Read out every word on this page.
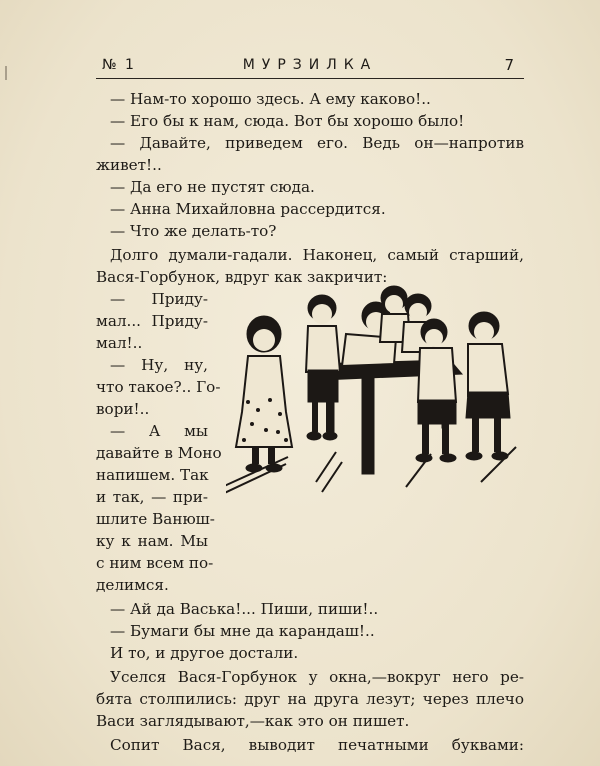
№ 1	МУРЗИЛКА	7
— Нам-то хорошо здесь. А ему каково!..
— Его бы к нам, сюда. Вот бы хорошо было!
— Давайте, приведем его. Ведь он—напротив
живет!..
— Да его не пустят сюда.
— Анна Михайловна рассердится.
— Что же делать-то?
Долго думали-гадали. Наконец, самый старший,
Вася-Горбунок, вдруг как закричит:
— Приду-
мал... Приду-
мал!..
— Ну, ну,
что такое?.. Го-
вори!..
— А мы
давайте в Моно
напишем. Так
и так, — при-
шлите Ванюш-
ку к нам. Мы
с ним всем по-
делимся.
— Ай да Васька!... Пиши, пиши!..
— Бумаги бы мне да карандаш!..
И то, и другое достали.
Уселся Вася-Горбунок у окна,—вокруг него ре-
бята столпились: друг на друга лезут; через плечо
Васи заглядывают,—как это он пишет.
Сопит Вася, выводит печатными буквами:
